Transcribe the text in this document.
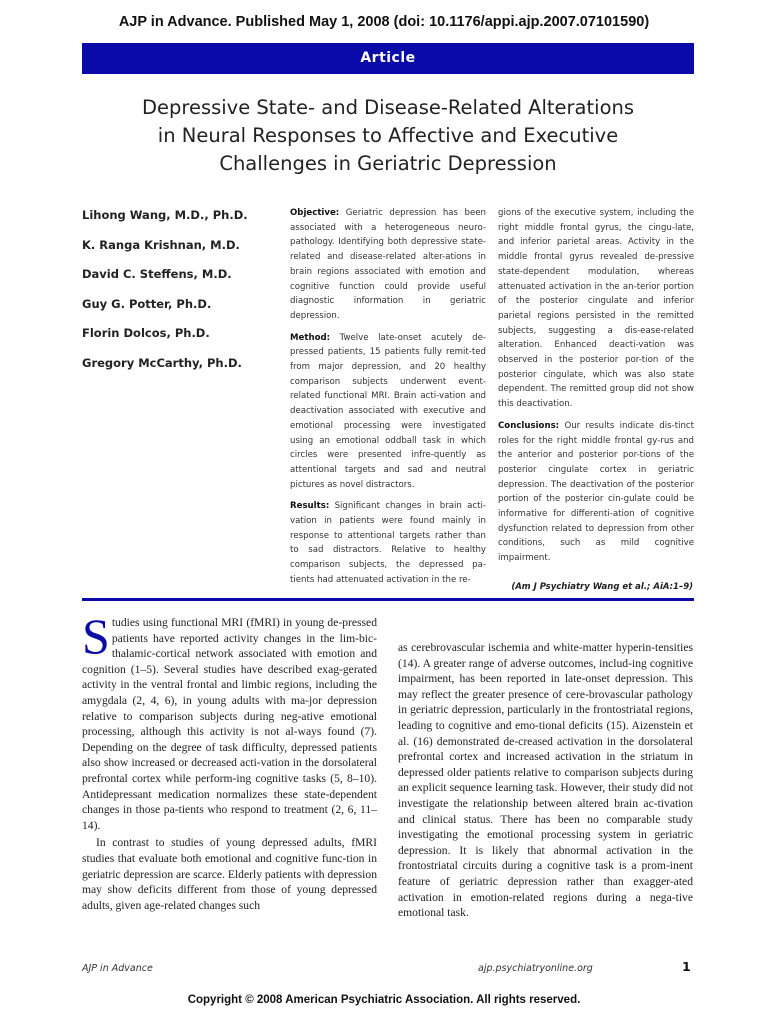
AJP in Advance. Published May 1, 2008 (doi: 10.1176/appi.ajp.2007.07101590)
Article
Depressive State- and Disease-Related Alterations
in Neural Responses to Affective and Executive
Challenges in Geriatric Depression
Lihong Wang, M.D., Ph.D.
K. Ranga Krishnan, M.D.
David C. Steffens, M.D.
Guy G. Potter, Ph.D.
Florin Dolcos, Ph.D.
Gregory McCarthy, Ph.D.

Objective: Geriatric depression has been associated with a heterogeneous neuro-pathology. Identifying both depressive state-related and disease-related alter-ations in brain regions associated with emotion and cognitive function could provide useful diagnostic information in geriatric depression.

Method: Twelve late-onset acutely de-pressed patients, 15 patients fully remit-ted from major depression, and 20 healthy comparison subjects underwent event-related functional MRI. Brain acti-vation and deactivation associated with executive and emotional processing were investigated using an emotional oddball task in which circles were presented infre-quently as attentional targets and sad and neutral pictures as novel distractors.

Results: Significant changes in brain acti-vation in patients were found mainly in response to attentional targets rather than to sad distractors. Relative to healthy comparison subjects, the depressed pa-tients had attenuated activation in the re-

gions of the executive system, including the right middle frontal gyrus, the cingu-late, and inferior parietal areas. Activity in the middle frontal gyrus revealed de-pressive state-dependent modulation, whereas attenuated activation in the an-terior portion of the posterior cingulate and inferior parietal regions persisted in the remitted subjects, suggesting a dis-ease-related alteration. Enhanced deacti-vation was observed in the posterior por-tion of the posterior cingulate, which was also state dependent. The remitted group did not show this deactivation.

Conclusions: Our results indicate dis-tinct roles for the right middle frontal gy-rus and the anterior and posterior por-tions of the posterior cingulate cortex in geriatric depression. The deactivation of the posterior portion of the posterior cin-gulate could be informative for differenti-ation of cognitive dysfunction related to depression from other conditions, such as mild cognitive impairment.

(Am J Psychiatry Wang et al.; AiA:1–9)

Studies using functional MRI (fMRI) in young de-pressed patients have reported activity changes in the lim-bic-thalamic-cortical network associated with emotion and cognition (1–5). Several studies have described exag-gerated activity in the ventral frontal and limbic regions, including the amygdala (2, 4, 6), in young adults with ma-jor depression relative to comparison subjects during neg-ative emotional processing, although this activity is not al-ways found (7). Depending on the degree of task difficulty, depressed patients also show increased or decreased acti-vation in the dorsolateral prefrontal cortex while perform-ing cognitive tasks (5, 8–10). Antidepressant medication normalizes these state-dependent changes in those pa-tients who respond to treatment (2, 6, 11–14).

In contrast to studies of young depressed adults, fMRI studies that evaluate both emotional and cognitive func-tion in geriatric depression are scarce. Elderly patients with depression may show deficits different from those of young depressed adults, given age-related changes such

as cerebrovascular ischemia and white-matter hyperin-tensities (14). A greater range of adverse outcomes, includ-ing cognitive impairment, has been reported in late-onset depression. This may reflect the greater presence of cere-brovascular pathology in geriatric depression, particularly in the frontostriatal regions, leading to cognitive and emo-tional deficits (15). Aizenstein et al. (16) demonstrated de-creased activation in the dorsolateral prefrontal cortex and increased activation in the striatum in depressed older patients relative to comparison subjects during an explicit sequence learning task. However, their study did not investigate the relationship between altered brain ac-tivation and clinical status. There has been no comparable study investigating the emotional processing system in geriatric depression. It is likely that abnormal activation in the frontostriatal circuits during a cognitive task is a prom-inent feature of geriatric depression rather than exagger-ated activation in emotion-related regions during a nega-tive emotional task.

AJP in Advance	ajp.psychiatryonline.org	1
Copyright © 2008 American Psychiatric Association. All rights reserved.
